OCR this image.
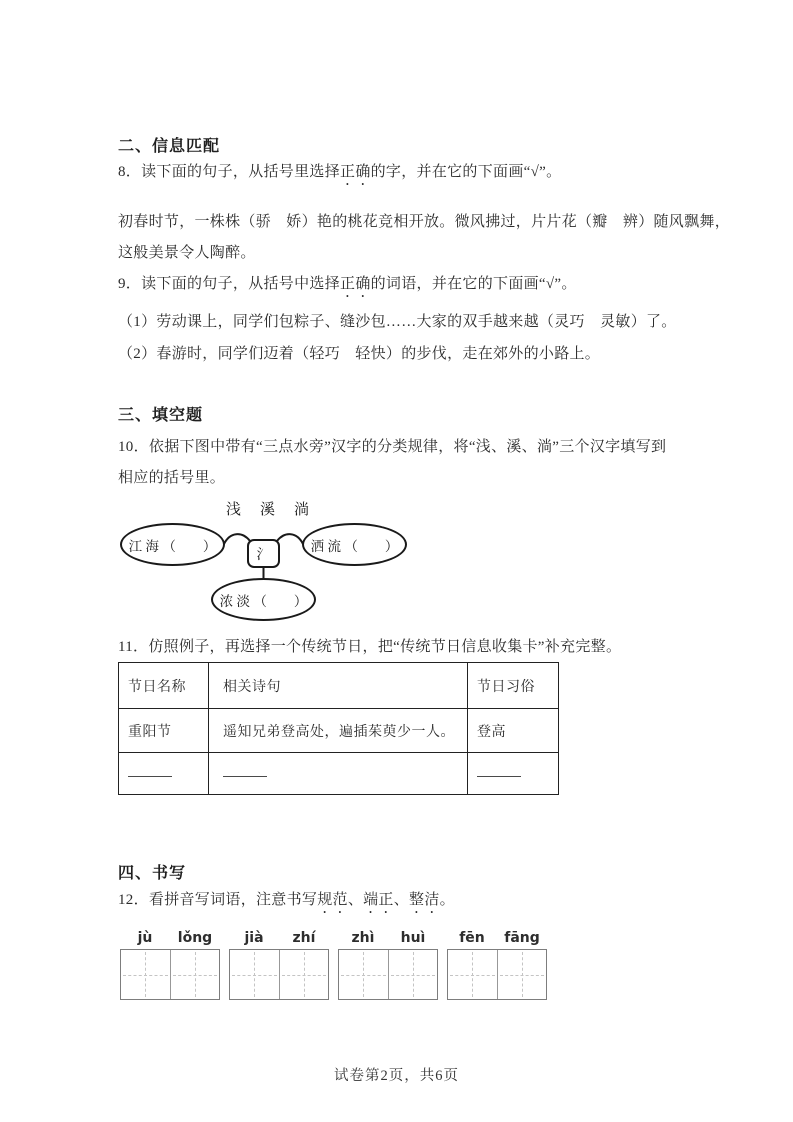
二、信息匹配

8．读下面的句子，从括号里选择正确的字，并在它的下面画“√”。

初春时节，一株株（骄　娇）艳的桃花竞相开放。微风拂过，片片花（瓣　辨）随风飘舞，
这般美景令人陶醉。

9．读下面的句子，从括号中选择正确的词语，并在它的下面画“√”。

（1）劳动课上，同学们包粽子、缝沙包……大家的双手越来越（灵巧　灵敏）了。

（2）春游时，同学们迈着（轻巧　轻快）的步伐，走在郊外的小路上。

三、填空题

10．依据下图中带有“三点水旁”汉字的分类规律，将“浅、溪、淌”三个汉字填写到相应的括号里。

浅　溪　淌
江 海 （　　）
氵
洒 流 （　　）
浓 淡 （　　）

11．仿照例子，再选择一个传统节日，把“传统节日信息收集卡”补充完整。

节日名称	相关诗句	节日习俗
重阳节	遥知兄弟登高处，遍插茱萸少一人。	登高

四、书写

12．看拼音写词语，注意书写规范、端正、整洁。

jù	lǒng	jià	zhí	zhì	huì	fēn	fāng
试卷第2页，共6页
